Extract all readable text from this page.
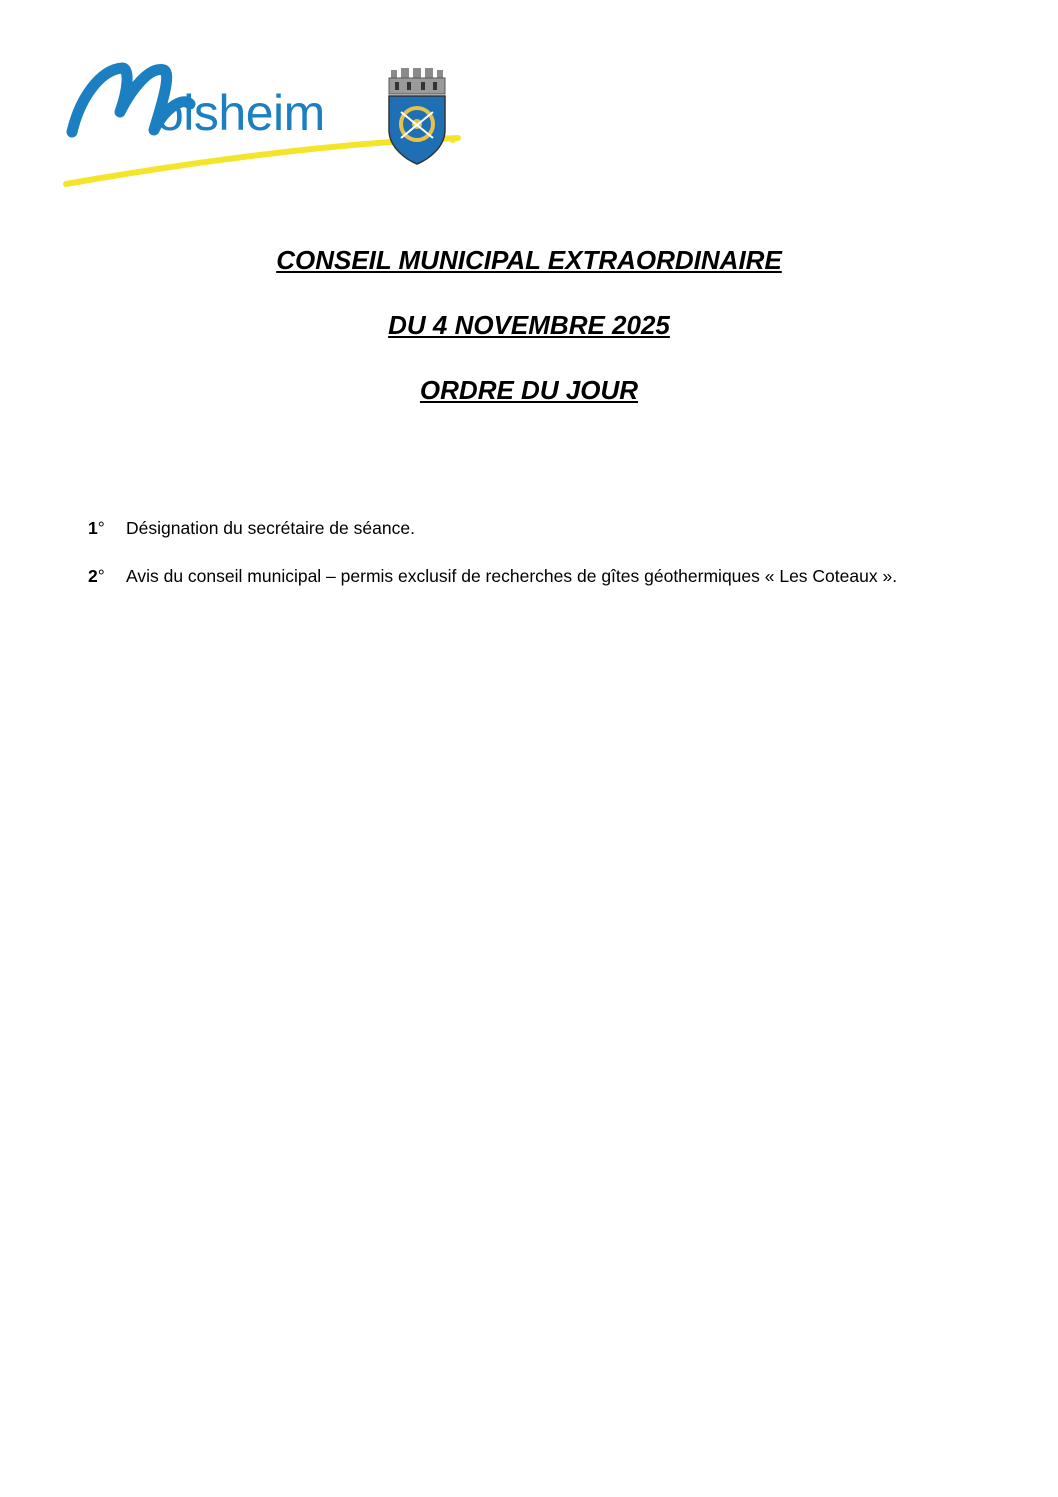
olsheim
CONSEIL MUNICIPAL EXTRAORDINAIRE
DU 4 NOVEMBRE 2025
ORDRE DU JOUR
1°	Désignation du secrétaire de séance.
2°	Avis du conseil municipal – permis exclusif de recherches de gîtes géothermiques « Les Coteaux ».
